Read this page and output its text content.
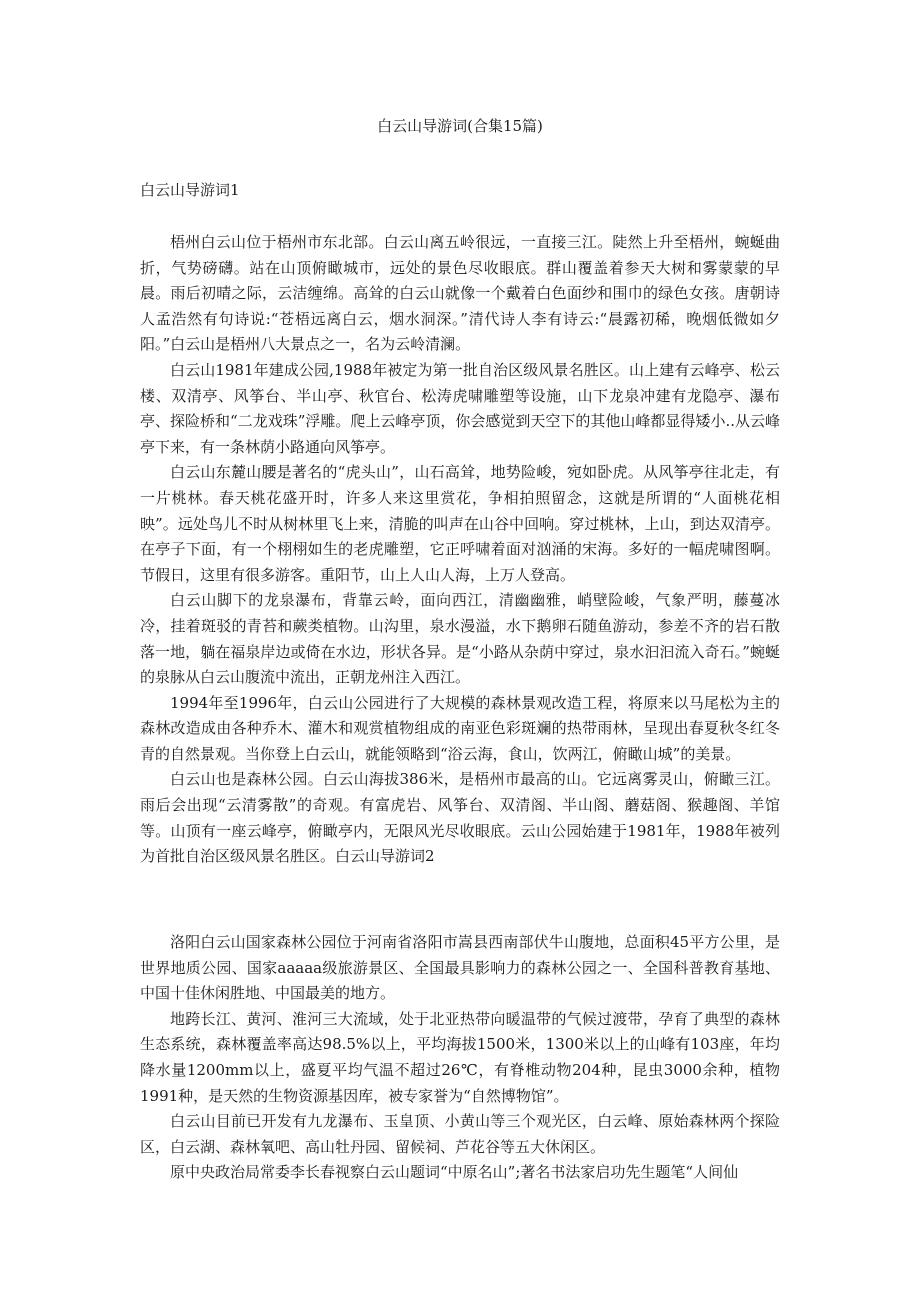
白云山导游词(合集15篇)
白云山导游词1

梧州白云山位于梧州市东北部。白云山离五岭很远，一直接三江。陡然上升至梧州，蜿蜒曲折，气势磅礴。站在山顶俯瞰城市，远处的景色尽收眼底。群山覆盖着参天大树和雾蒙蒙的早晨。雨后初晴之际，云洁缠绵。高耸的白云山就像一个戴着白色面纱和围巾的绿色女孩。唐朝诗人孟浩然有句诗说:“苍梧远离白云，烟水洞深。”清代诗人李有诗云:“晨露初稀，晚烟低微如夕阳。”白云山是梧州八大景点之一，名为云岭清澜。

白云山1981年建成公园,1988年被定为第一批自治区级风景名胜区。山上建有云峰亭、松云楼、双清亭、风筝台、半山亭、秋官台、松涛虎啸雕塑等设施，山下龙泉冲建有龙隐亭、瀑布亭、探险桥和“二龙戏珠”浮雕。爬上云峰亭顶，你会感觉到天空下的其他山峰都显得矮小..从云峰亭下来，有一条林荫小路通向风筝亭。

白云山东麓山腰是著名的“虎头山”，山石高耸，地势险峻，宛如卧虎。从风筝亭往北走，有一片桃林。春天桃花盛开时，许多人来这里赏花，争相拍照留念，这就是所谓的“人面桃花相映”。远处鸟儿不时从树林里飞上来，清脆的叫声在山谷中回响。穿过桃林，上山，到达双清亭。在亭子下面，有一个栩栩如生的老虎雕塑，它正呼啸着面对汹涌的宋海。多好的一幅虎啸图啊。节假日，这里有很多游客。重阳节，山上人山人海，上万人登高。

白云山脚下的龙泉瀑布，背靠云岭，面向西江，清幽幽雅，峭壁险峻，气象严明，藤蔓冰冷，挂着斑驳的青苔和蕨类植物。山沟里，泉水漫溢，水下鹅卵石随鱼游动，参差不齐的岩石散落一地，躺在福泉岸边或倚在水边，形状各异。是“小路从杂荫中穿过，泉水汩汩流入奇石。”蜿蜒的泉脉从白云山腹流中流出，正朝龙州注入西江。

1994年至1996年，白云山公园进行了大规模的森林景观改造工程，将原来以马尾松为主的森林改造成由各种乔木、灌木和观赏植物组成的南亚色彩斑斓的热带雨林，呈现出春夏秋冬红冬青的自然景观。当你登上白云山，就能领略到“浴云海，食山，饮两江，俯瞰山城”的美景。

白云山也是森林公园。白云山海拔386米，是梧州市最高的山。它远离雾灵山，俯瞰三江。雨后会出现“云清雾散”的奇观。有富虎岩、风筝台、双清阁、半山阁、蘑菇阁、猴趣阁、羊馆等。山顶有一座云峰亭，俯瞰亭内，无限风光尽收眼底。云山公园始建于1981年，1988年被列为首批自治区级风景名胜区。白云山导游词2

洛阳白云山国家森林公园位于河南省洛阳市嵩县西南部伏牛山腹地，总面积45平方公里，是世界地质公园、国家aaaaa级旅游景区、全国最具影响力的森林公园之一、全国科普教育基地、中国十佳休闲胜地、中国最美的地方。

地跨长江、黄河、淮河三大流域，处于北亚热带向暖温带的气候过渡带，孕育了典型的森林生态系统，森林覆盖率高达98.5%以上，平均海拔1500米，1300米以上的山峰有103座，年均降水量1200mm以上，盛夏平均气温不超过26℃，有脊椎动物204种，昆虫3000余种，植物1991种，是天然的生物资源基因库，被专家誉为“自然博物馆”。

白云山目前已开发有九龙瀑布、玉皇顶、小黄山等三个观光区，白云峰、原始森林两个探险区，白云湖、森林氧吧、高山牡丹园、留候祠、芦花谷等五大休闲区。

原中央政治局常委李长春视察白云山题词“中原名山”;著名书法家启功先生题笔“人间仙
